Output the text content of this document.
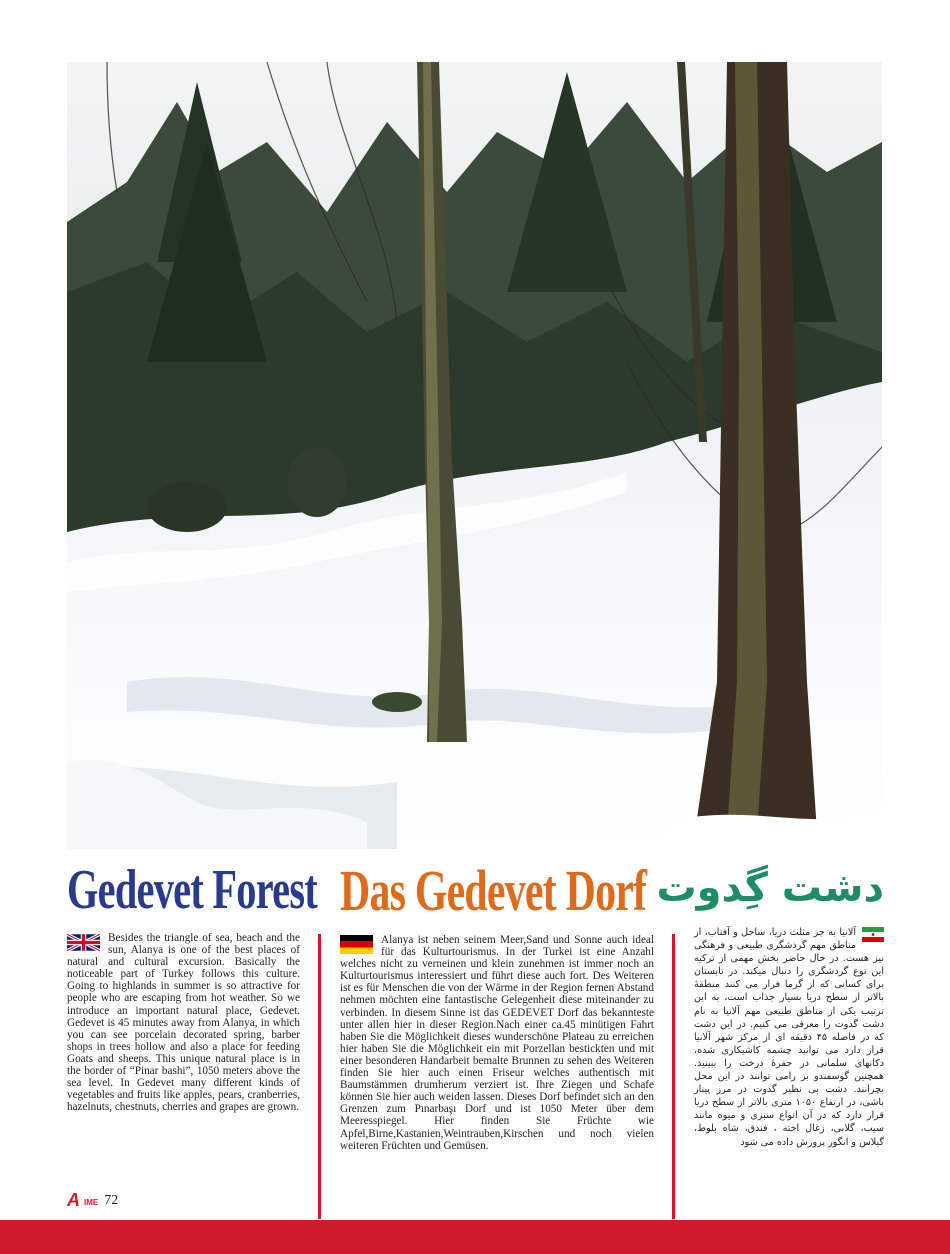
Gedevet Forest
Besides the triangle of sea, beach and the sun, Alanya is one of the best places of natural and cultural excursion. Basically the noticeable part of Turkey follows this culture. Going to highlands in summer is so attractive for people who are escaping from hot weather. So we introduce an important natural place, Gedevet. Gedevet is 45 minutes away from Alanya, in which you can see porcelain decorated spring, barber shops in trees hollow and also a place for feeding Goats and sheeps. This unique natural place is in the border of “Pinar bashi”, 1050 meters above the sea level. In Gedevet many different kinds of vegetables and fruits like apples, pears, cranberries, hazelnuts, chestnuts, cherries and grapes are grown.
Das Gedevet Dorf
Alanya ist neben seinem Meer,Sand und Sonne auch ideal für das Kulturtourismus. In der Turkei ist eine Anzahl welches nicht zu verneinen und klein zunehmen ist immer noch an Kulturtourismus interessiert und führt diese auch fort. Des Weiteren ist es für Menschen die von der Wärme in der Region fernen Abstand nehmen möchten eine fantastische Gelegenheit diese miteinander zu verbinden. In diesem Sinne ist das GEDEVET Dorf das bekannteste unter allen hier in dieser Region.Nach einer ca.45 minütigen Fahrt haben Sie die Möglichkeit dieses wunderschöne Plateau zu erreichen hier haben Sie die Möglichkeit ein mit Porzellan bestickten und mit einer besonderen Handarbeit bemalte Brunnen zu sehen des Weiteren finden Sie hier auch einen Friseur welches authentisch mit Baumstämmen drumherum verziert ist. Ihre Ziegen und Schafe können Sie hier auch weiden lassen. Dieses Dorf befindet sich an den Grenzen zum Pınarbaşı Dorf und ist 1050 Meter über dem Meeresspiegel. Hier finden Sie Früchte wie Apfel,Birne,Kastanien,Weintrauben,Kirschen und noch vielen weiteren Früchten und Gemüsen.
دشت گِدوت
آلانیا به جز مثلث دریا، ساحل و آفتاب، از مناطق مهم گردشگری طبیعی و فرهنگی نیز هست. در حال حاضر بخش مهمی از ترکیه این نوع گردشگری را دنبال میکند. در تابستان برای کسانی که از گرما فرار می کنند منطقهٔ بالاتر از سطح دریا بسیار جذاب است، به این ترتیب یکی از مناطق طبیعی مهم آلانیا به نام دشت گدوت را معرفی می کنیم. در این دشت که در فاصله ۴۵ دقیقه ای از مرکز شهر آلانیا قرار دارد می توانید چشمه کاشیکاری شده، دکانهای سلمانی در حفرهٔ درخت را ببینید. همچنین گوسفندو بز رامی توانند در این محل بچرانند. دشت بی نظیر گدوت در مرز پینار باشی، در ارتفاع ۱۰۵۰ متری بالاتر از سطح دریا قرار دارد که در آن انواع سبزی و میوه مانند سیب، گلابی، زغال اخته ، فندق، شاه بلوط، گیلاس و انگور پرورش داده می شود
A IME 72
